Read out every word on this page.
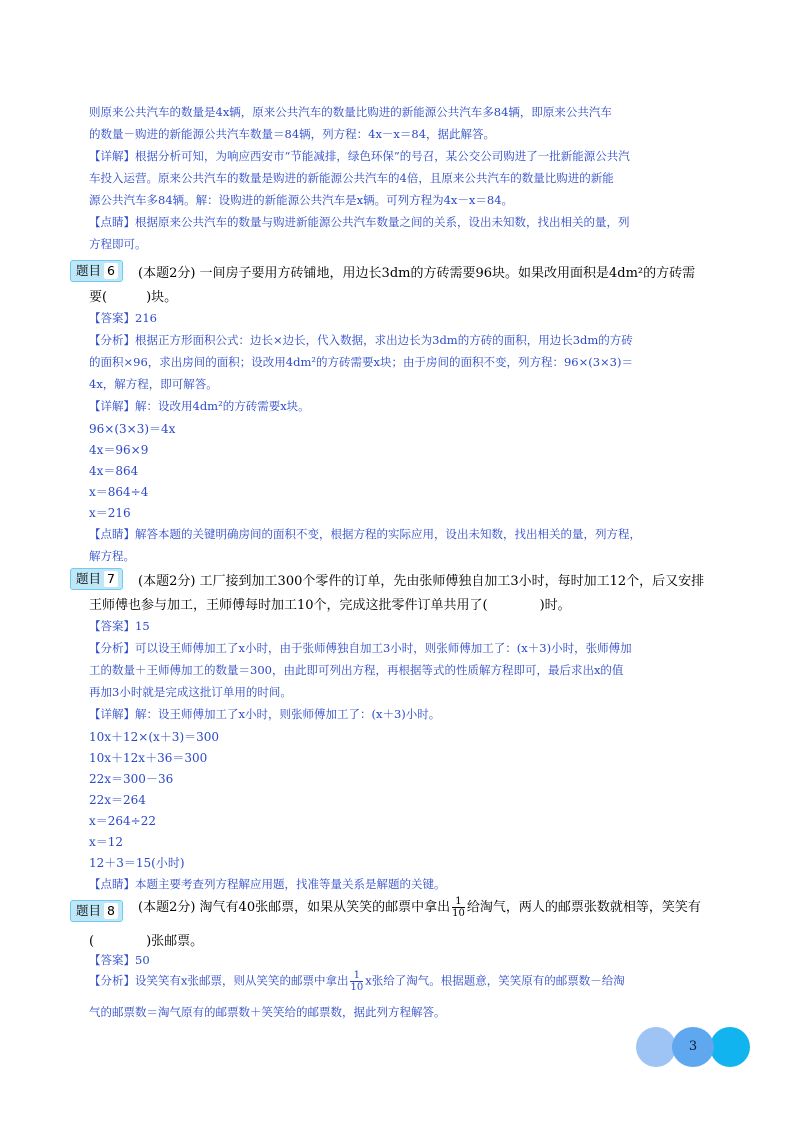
则原来公共汽车的数量是4x辆，原来公共汽车的数量比购进的新能源公共汽车多84辆，即原来公共汽车
的数量－购进的新能源公共汽车数量＝84辆，列方程：4x－x＝84，据此解答。
【详解】根据分析可知，为响应西安市“节能减排，绿色环保”的号召，某公交公司购进了一批新能源公共汽
车投入运营。原来公共汽车的数量是购进的新能源公共汽车的4倍，且原来公共汽车的数量比购进的新能
源公共汽车多84辆。解：设购进的新能源公共汽车是x辆。可列方程为4x－x＝84。
【点睛】根据原来公共汽车的数量与购进新能源公共汽车数量之间的关系，设出未知数，找出相关的量，列
方程即可。
题目 6	(本题2分) 一间房子要用方砖铺地，用边长3dm的方砖需要96块。如果改用面积是4dm²的方砖需
要(　　　)块。
【答案】216
【分析】根据正方形面积公式：边长×边长，代入数据，求出边长为3dm的方砖的面积，用边长3dm的方砖
的面积×96，求出房间的面积；设改用4dm²的方砖需要x块；由于房间的面积不变，列方程：96×(3×3)＝
4x，解方程，即可解答。
【详解】解：设改用4dm²的方砖需要x块。
96×(3×3)＝4x
4x＝96×9
4x＝864
x＝864÷4
x＝216
【点睛】解答本题的关键明确房间的面积不变，根据方程的实际应用，设出未知数，找出相关的量，列方程，
解方程。
题目 7	(本题2分) 工厂接到加工300个零件的订单，先由张师傅独自加工3小时，每时加工12个，后又安排
王师傅也参与加工，王师傅每时加工10个，完成这批零件订单共用了(　　　　)时。
【答案】15
【分析】可以设王师傅加工了x小时，由于张师傅独自加工3小时，则张师傅加工了：(x＋3)小时，张师傅加
工的数量＋王师傅加工的数量＝300，由此即可列出方程，再根据等式的性质解方程即可，最后求出x的值
再加3小时就是完成这批订单用的时间。
【详解】解：设王师傅加工了x小时，则张师傅加工了：(x＋3)小时。
10x＋12×(x＋3)＝300
10x＋12x＋36＝300
22x＝300－36
22x＝264
x＝264÷22
x＝12
12＋3＝15(小时)
【点睛】本题主要考查列方程解应用题，找准等量关系是解题的关键。
题目 8	(本题2分) 淘气有40张邮票，如果从笑笑的邮票中拿出 $\frac{1}{10}$ 给淘气，两人的邮票张数就相等，笑笑有
(　　　　)张邮票。
【答案】50
【分析】设笑笑有x张邮票，则从笑笑的邮票中拿出 $\frac{1}{10}$ x张给了淘气。根据题意，笑笑原有的邮票数－给淘
气的邮票数＝淘气原有的邮票数＋笑笑给的邮票数，据此列方程解答。
3
